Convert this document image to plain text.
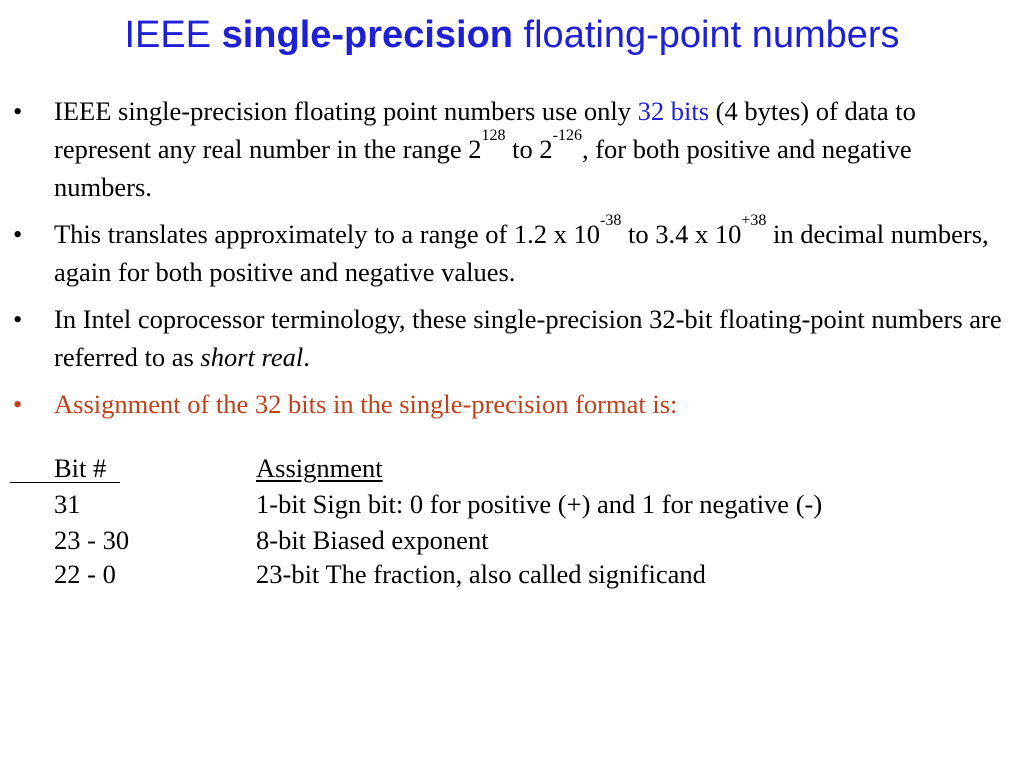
IEEE single-precision floating-point numbers
• IEEE single-precision floating point numbers use only 32 bits (4 bytes) of data to represent any real number in the range $2^{128}$ to $2^{-126}$, for both positive and negative numbers.
• This translates approximately to a range of 1.2 x $10^{-38}$ to 3.4 x $10^{+38}$ in decimal numbers, again for both positive and negative values.
• In Intel coprocessor terminology, these single-precision 32-bit floating-point numbers are referred to as short real.
• Assignment of the 32 bits in the single-precision format is:
Bit #	Assignment
31	1-bit Sign bit: 0 for positive (+) and 1 for negative (-)
23 - 30	8-bit Biased exponent
22 - 0	23-bit The fraction, also called significand
